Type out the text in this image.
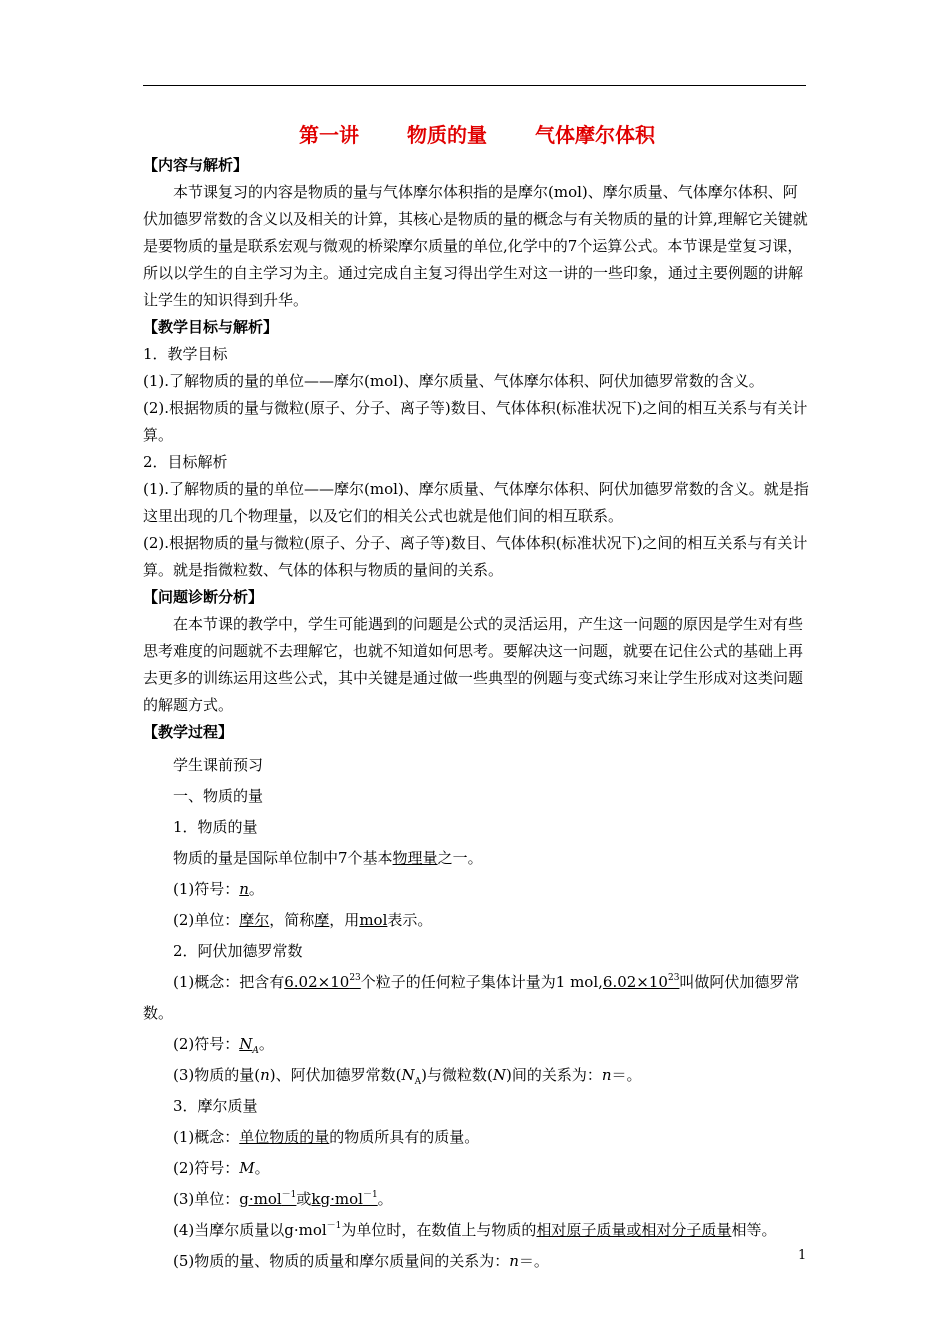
第一讲 物质的量 气体摩尔体积

【内容与解析】

本节课复习的内容是物质的量与气体摩尔体积指的是摩尔(mol)、摩尔质量、气体摩尔体积、阿伏加德罗常数的含义以及相关的计算，其核心是物质的量的概念与有关物质的量的计算,理解它关键就是要物质的量是联系宏观与微观的桥梁摩尔质量的单位,化学中的7个运算公式。本节课是堂复习课，所以以学生的自主学习为主。通过完成自主复习得出学生对这一讲的一些印象，通过主要例题的讲解让学生的知识得到升华。

【教学目标与解析】

1．教学目标

(1).了解物质的量的单位——摩尔(mol)、摩尔质量、气体摩尔体积、阿伏加德罗常数的含义。

(2).根据物质的量与微粒(原子、分子、离子等)数目、气体体积(标准状况下)之间的相互关系与有关计算。

2．目标解析

(1).了解物质的量的单位——摩尔(mol)、摩尔质量、气体摩尔体积、阿伏加德罗常数的含义。就是指这里出现的几个物理量，以及它们的相关公式也就是他们间的相互联系。

(2).根据物质的量与微粒(原子、分子、离子等)数目、气体体积(标准状况下)之间的相互关系与有关计算。就是指微粒数、气体的体积与物质的量间的关系。

【问题诊断分析】

在本节课的教学中，学生可能遇到的问题是公式的灵活运用，产生这一问题的原因是学生对有些思考难度的问题就不去理解它，也就不知道如何思考。要解决这一问题，就要在记住公式的基础上再去更多的训练运用这些公式，其中关键是通过做一些典型的例题与变式练习来让学生形成对这类问题的解题方式。

【教学过程】

学生课前预习

一、物质的量

1．物质的量

物质的量是国际单位制中7个基本物理量之一。

(1)符号：n。

(2)单位：摩尔，简称摩，用mol表示。

2．阿伏加德罗常数

(1)概念：把含有$6.02\times 10^{23}$个粒子的任何粒子集体计量为1 $mol,6.02\times 10^{23}$叫做阿伏加德罗常数。

(2)符号：$N_A$。

(3)物质的量(n)、阿伏加德罗常数$(N_A)$与微粒数(N)间的关系为：n＝。

3．摩尔质量

(1)概念：单位物质的量的物质所具有的质量。

(2)符号：M。

(3)单位：g·mol$^{-1}$或kg·mol$^{-1}$。

(4)当摩尔质量以g·mol$^{-1}$为单位时，在数值上与物质的相对原子质量或相对分子质量相等。

(5)物质的量、物质的质量和摩尔质量间的关系为：n＝。	1
